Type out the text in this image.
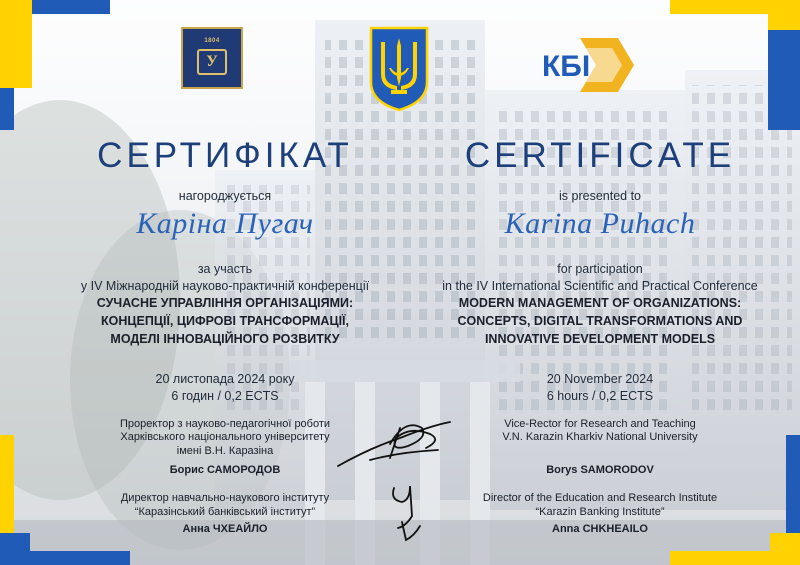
1804
У	КБІ
СЕРТИФІКАТ
нагороджується
Каріна Пугач
за участь
у IV Міжнародній науково-практичній конференції
СУЧАСНЕ УПРАВЛІННЯ ОРГАНІЗАЦІЯМИ:
КОНЦЕПЦІЇ, ЦИФРОВІ ТРАНСФОРМАЦІЇ,
МОДЕЛІ ІННОВАЦІЙНОГО РОЗВИТКУ
20 листопада 2024 року
6 годин / 0,2 ECTS
Проректор з науково-педагогічної роботи
Харківського національного університету
імені В.Н. Каразіна
Борис САМОРОДОВ
Директор навчально-наукового інституту
“Каразінський банківський інститут”
Анна ЧХЕАЙЛО
CERTIFICATE
is presented to
Karina Puhach
for participation
in the IV International Scientific and Practical Conference
MODERN MANAGEMENT OF ORGANIZATIONS:
CONCEPTS, DIGITAL TRANSFORMATIONS AND
INNOVATIVE DEVELOPMENT MODELS
20 November 2024
6 hours / 0,2 ECTS
Vice-Rector for Research and Teaching
V.N. Karazin Kharkiv National University
Borys SAMORODOV
Director of the Education and Research Institute
“Karazin Banking Institute”
Anna CHKHEAILO
